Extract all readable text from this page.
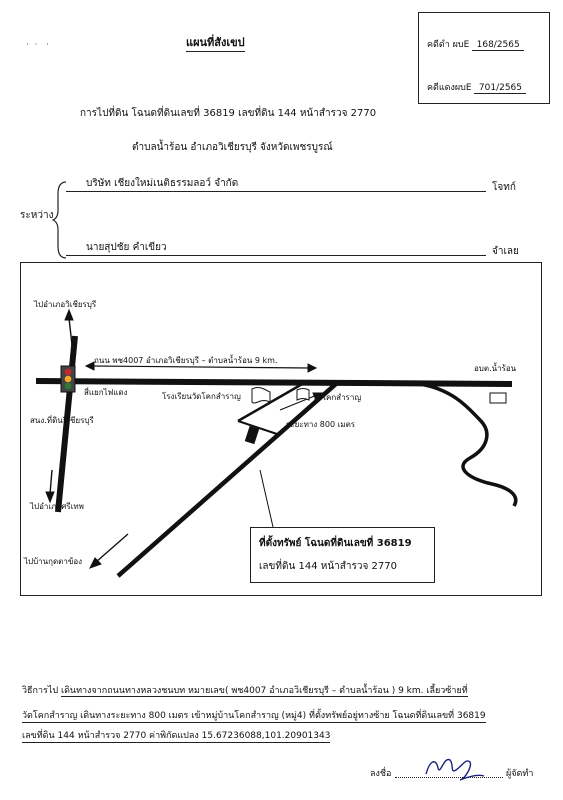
·  ·   ·	แผนที่สังเขป	คดีดำ ผบE 168/2565
คดีแดงผบE 701/2565
การไปที่ดิน โฉนดที่ดินเลขที่ 36819 เลขที่ดิน 144 หน้าสำรวจ 2770
ตำบลน้ำร้อน อำเภอวิเชียรบุรี จังหวัดเพชรบูรณ์
ระหว่าง
บริษัท เชียงใหม่เนติธรรมลอว์ จำกัด	โจทก์
นายสุปชัย คำเขียว	จำเลย
ไปอำเภอวิเชียรบุรี
ถนน พช4007 อำเภอวิเชียรบุรี – ตำบลน้ำร้อน 9 km.
อบต.น้ำร้อน
สี่แยกไฟแดง	โรงเรียนวัดโคกสำราญ	วัดโคกสำราญ
ระยะทาง 800 เมตร
สนง.ที่ดินวิเชียรบุรี
ไปอำเภอศรีเทพ
ไปบ้านกุดตาข้อง
ที่ตั้งทรัพย์ โฉนดที่ดินเลขที่ 36819
เลขที่ดิน 144 หน้าสำรวจ 2770
วิธีการไป เดินทางจากถนนทางหลวงชนบท หมายเลข( พช4007 อำเภอวิเชียรบุรี – ตำบลน้ำร้อน ) 9 km. เลี้ยวซ้ายที่
วัดโคกสำราญ เดินทางระยะทาง 800 เมตร เข้าหมู่บ้านโคกสำราญ (หมู่4) ที่ตั้งทรัพย์อยู่ทางซ้าย โฉนดที่ดินเลขที่ 36819
เลขที่ดิน 144 หน้าสำรวจ 2770 ค่าพิกัดแปลง 15.67236088,101.20901343
ลงชื่อ	ผู้จัดทำ
